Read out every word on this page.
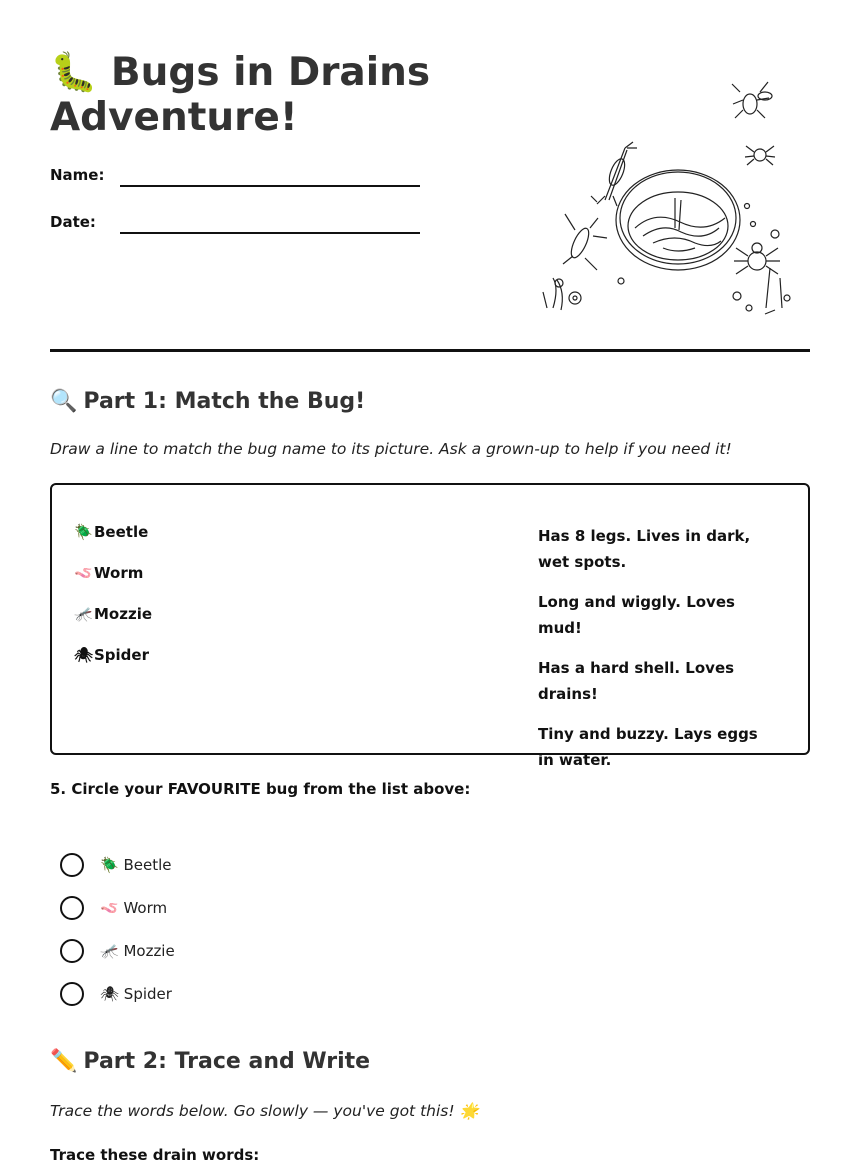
🐛 Bugs in Drains Adventure!
Name:
Date:
🔍 Part 1: Match the Bug!

Draw a line to match the bug name to its picture. Ask a grown-up to help if you need it!

🪲Beetle
🪱Worm
🦟Mozzie
🕷Spider
Has 8 legs. Lives in dark, wet spots.
Long and wiggly. Loves mud!
Has a hard shell. Loves drains!
Tiny and buzzy. Lays eggs in water.
5. Circle your FAVOURITE bug from the list above:
🪲 Beetle
🪱 Worm
🦟 Mozzie
🕷 Spider
✏️ Part 2: Trace and Write

Trace the words below. Go slowly — you've got this! 🌟

Trace these drain words:
